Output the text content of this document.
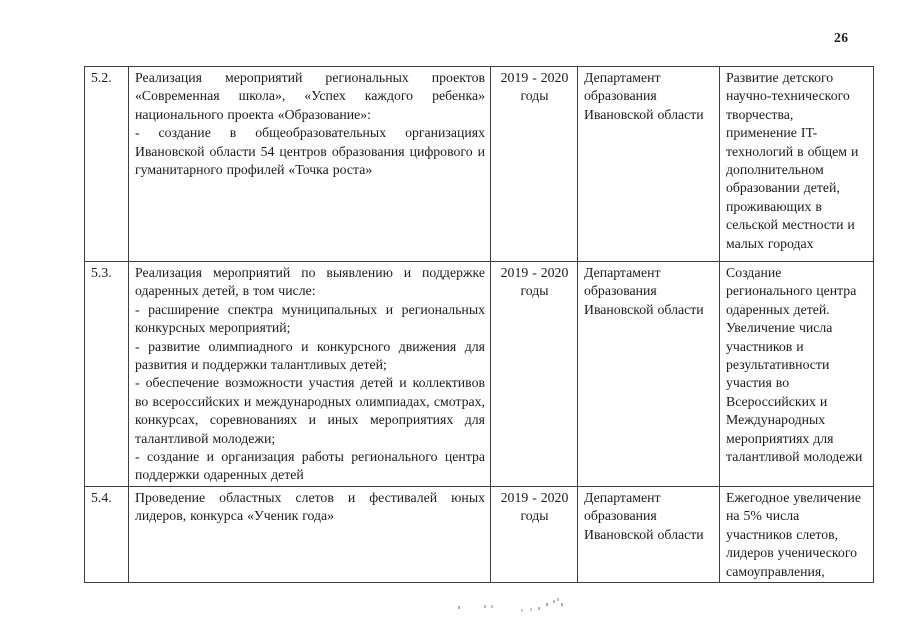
26
5.2.	Реализация мероприятий региональных проектов «Современная школа», «Успех каждого ребенка» национального проекта «Образование»:
- создание в общеобразовательных организациях Ивановской области 54 центров образования цифрового и гуманитарного профилей «Точка роста»	2019 - 2020 годы	Департамент образования Ивановской области	Развитие детского научно-технического творчества, применение IT-технологий в общем и дополнительном образовании детей, проживающих в сельской местности и малых городах
5.3.	Реализация мероприятий по выявлению и поддержке одаренных детей, в том числе:
- расширение спектра муниципальных и региональных конкурсных мероприятий;
- развитие олимпиадного и конкурсного движения для развития и поддержки талантливых детей;
- обеспечение возможности участия детей и коллективов во всероссийских и международных олимпиадах, смотрах, конкурсах, соревнованиях и иных мероприятиях для талантливой молодежи;
- создание и организация работы регионального центра поддержки одаренных детей	2019 - 2020 годы	Департамент образования Ивановской области	Создание регионального центра одаренных детей. Увеличение числа участников и результативности участия во Всероссийских и Международных мероприятиях для талантливой молодежи
5.4.	Проведение областных слетов и фестивалей юных лидеров, конкурса «Ученик года»	2019 - 2020 годы	Департамент образования Ивановской области	Ежегодное увеличение на 5% числа участников слетов, лидеров ученического самоуправления,
